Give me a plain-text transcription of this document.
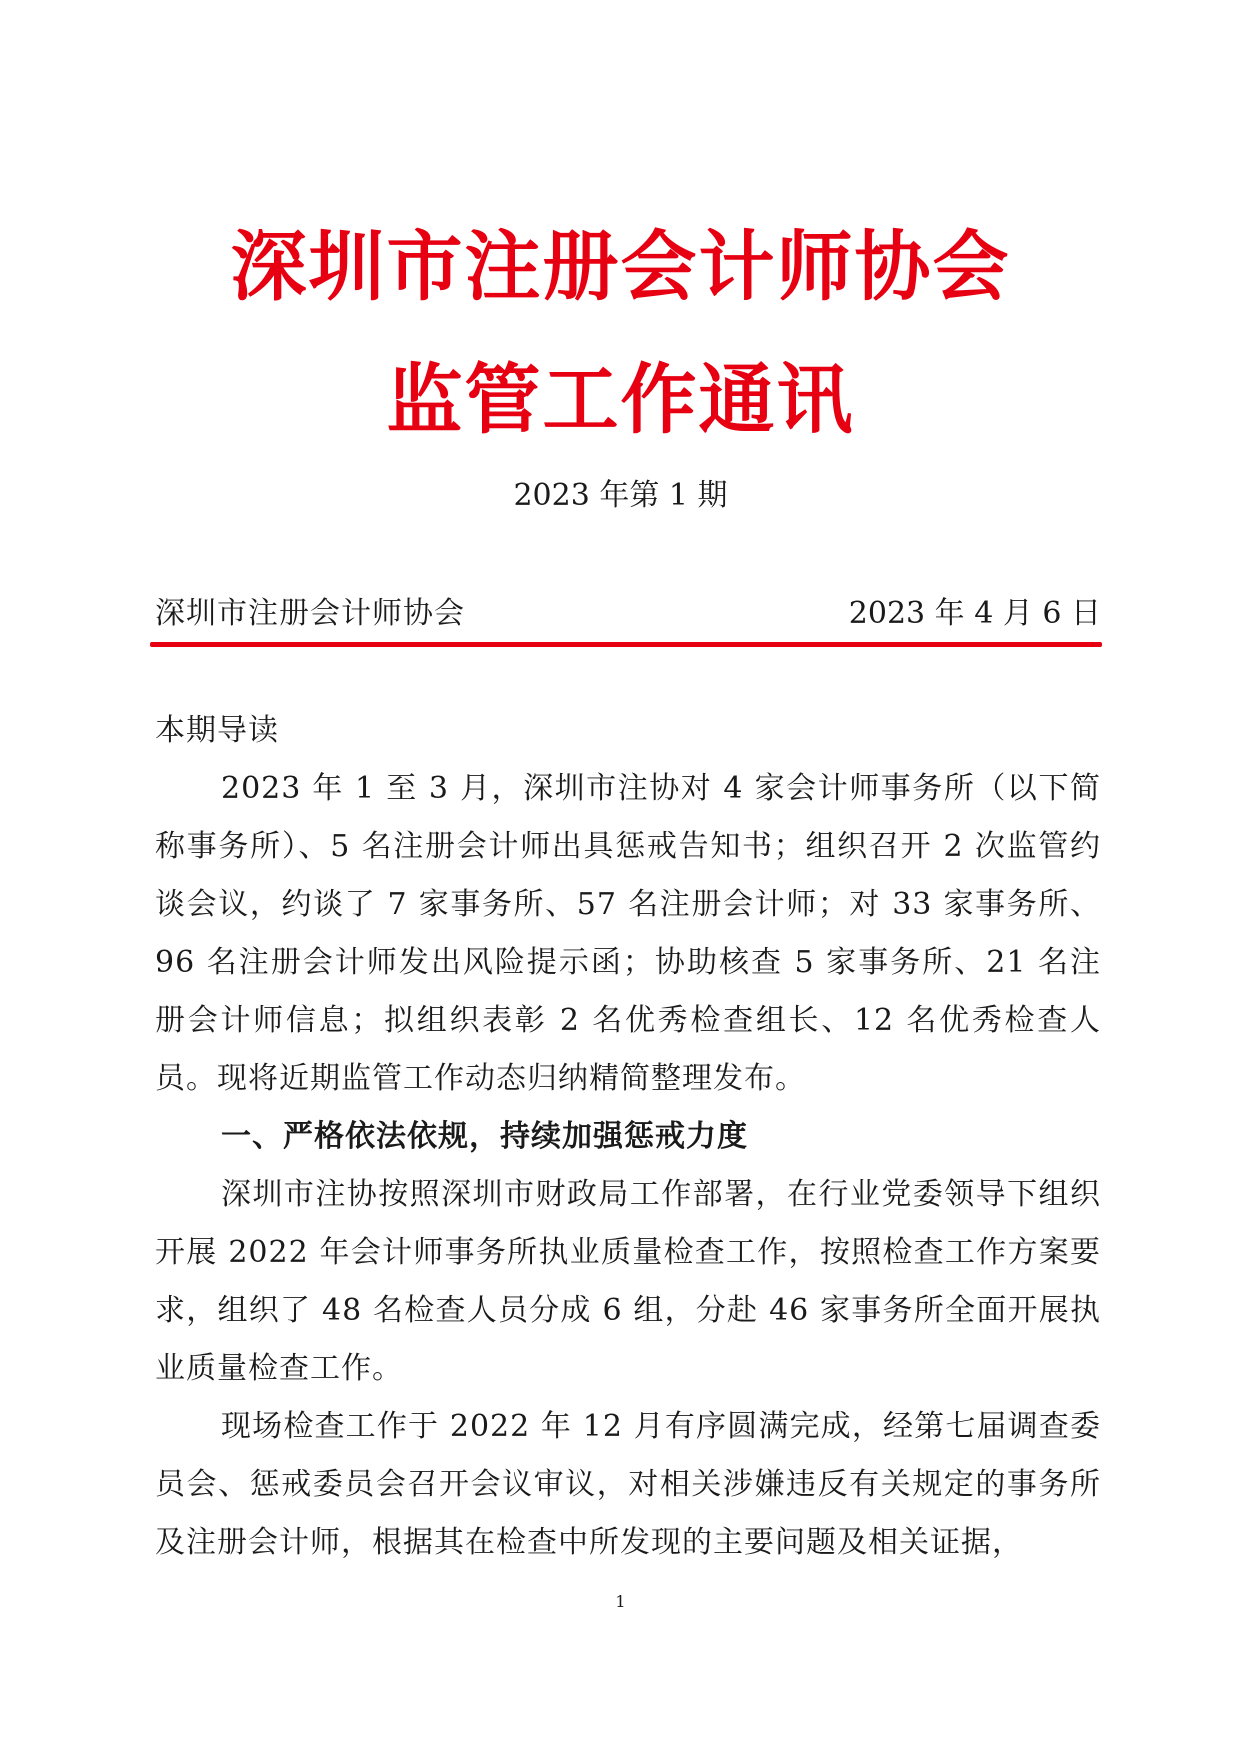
深圳市注册会计师协会
监管工作通讯
2023 年第 1 期
深圳市注册会计师协会	2023 年 4 月 6 日
本期导读
2023 年 1 至 3 月，深圳市注协对 4 家会计师事务所（以下简称事务所）、5 名注册会计师出具惩戒告知书；组织召开 2 次监管约谈会议，约谈了 7 家事务所、57 名注册会计师；对 33 家事务所、96 名注册会计师发出风险提示函；协助核查 5 家事务所、21 名注册会计师信息；拟组织表彰 2 名优秀检查组长、12 名优秀检查人员。现将近期监管工作动态归纳精简整理发布。
一、严格依法依规，持续加强惩戒力度
深圳市注协按照深圳市财政局工作部署，在行业党委领导下组织开展 2022 年会计师事务所执业质量检查工作，按照检查工作方案要求，组织了 48 名检查人员分成 6 组，分赴 46 家事务所全面开展执业质量检查工作。
现场检查工作于 2022 年 12 月有序圆满完成，经第七届调查委员会、惩戒委员会召开会议审议，对相关涉嫌违反有关规定的事务所及注册会计师，根据其在检查中所发现的主要问题及相关证据，
1
